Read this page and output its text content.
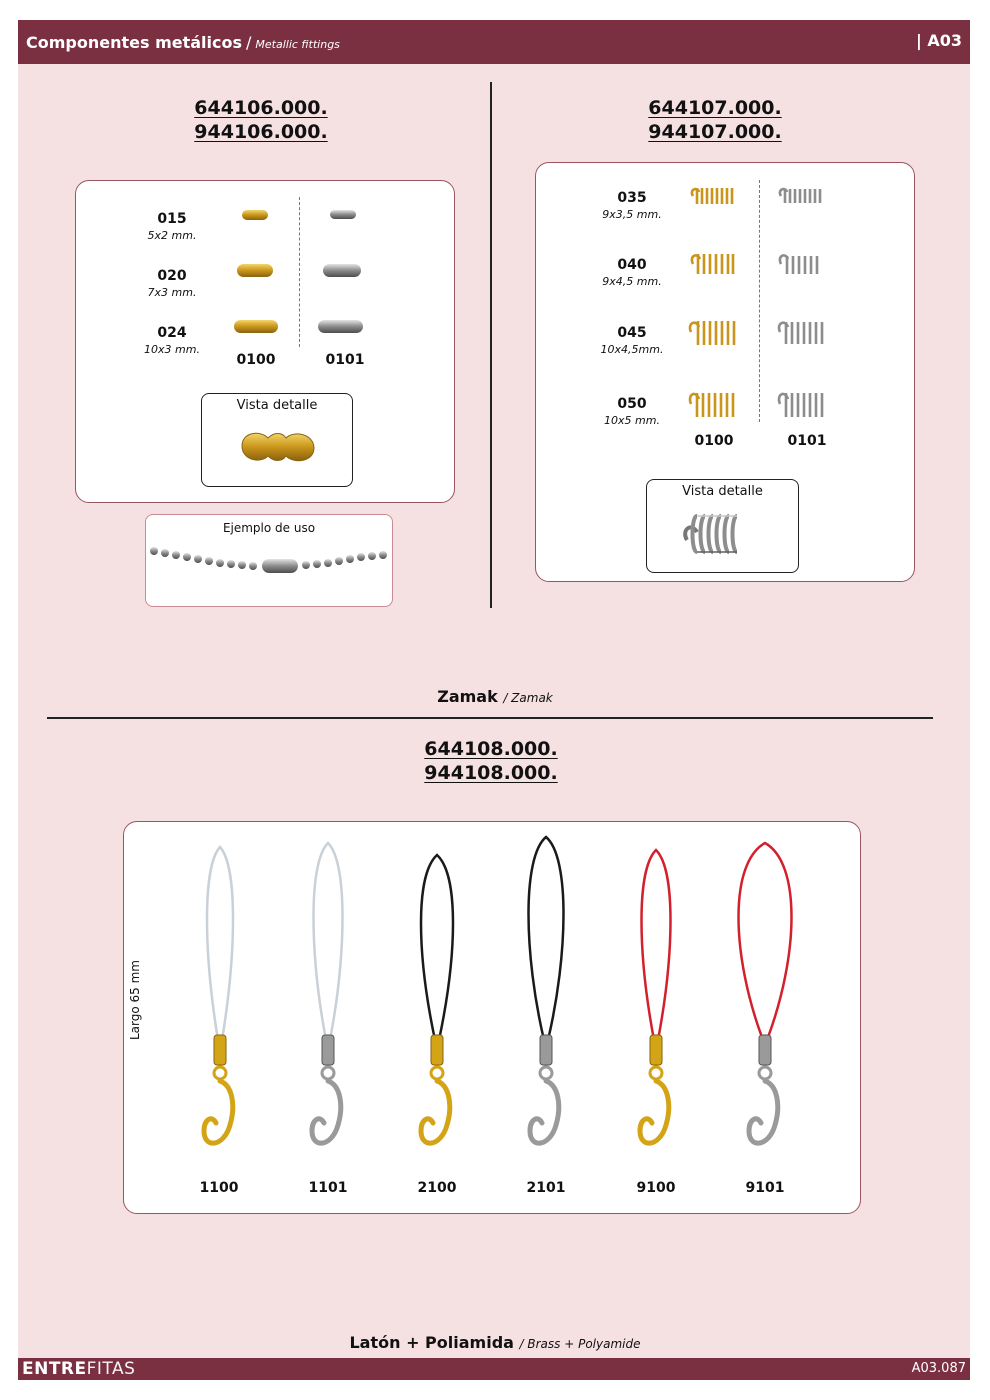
Componentes metálicos / Metallic fittings	| A03
644106.000.
944106.000.
644107.000.
944107.000.
015
5x2 mm.
020
7x3 mm.
024
10x3 mm.
0100	0101
Vista detalle
Ejemplo de uso
035
9x3,5 mm.
040
9x4,5 mm.
045
10x4,5mm.
050
10x5 mm.
0100	0101
Vista detalle
Zamak / Zamak
644108.000.
944108.000.
Largo 65 mm
1100	1101	2100	2101	9100	9101
Latón + Poliamida / Brass + Polyamide
ENTREFITAS	A03.087
